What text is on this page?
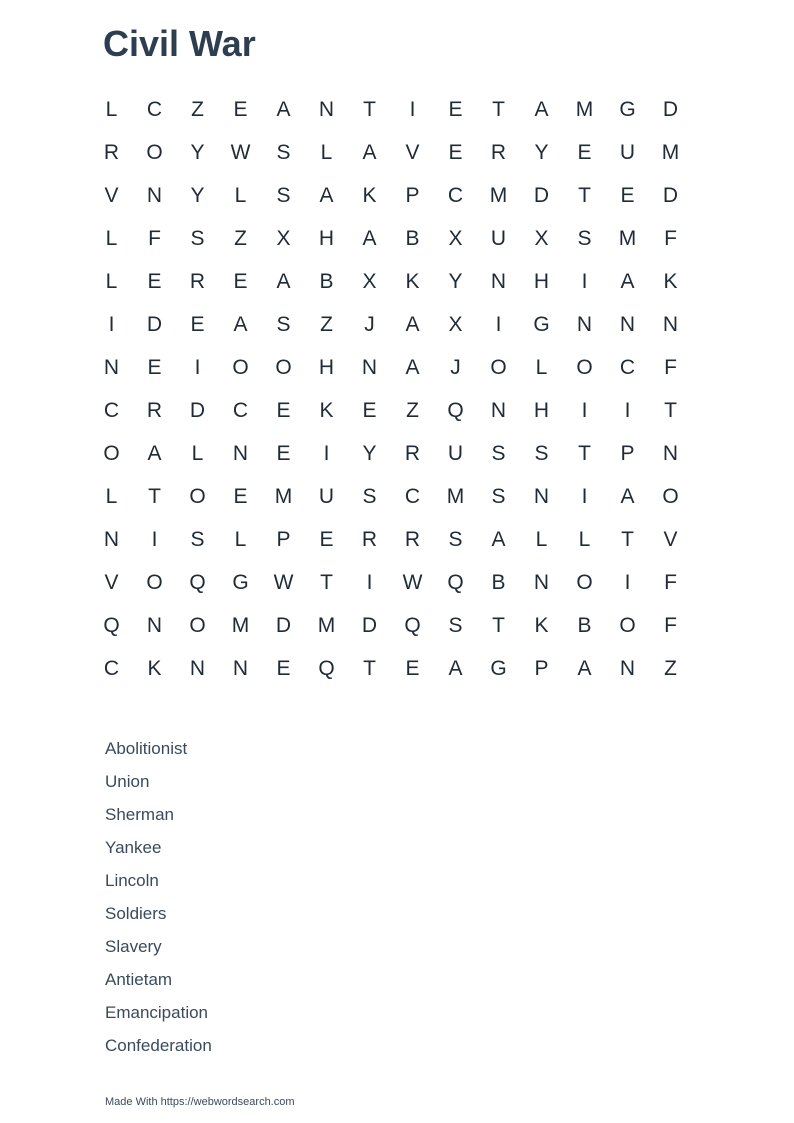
Civil War
L	C	Z	E	A	N	T	I	E	T	A	M	G	D
R	O	Y	W	S	L	A	V	E	R	Y	E	U	M
V	N	Y	L	S	A	K	P	C	M	D	T	E	D
L	F	S	Z	X	H	A	B	X	U	X	S	M	F
L	E	R	E	A	B	X	K	Y	N	H	I	A	K
I	D	E	A	S	Z	J	A	X	I	G	N	N	N
N	E	I	O	O	H	N	A	J	O	L	O	C	F
C	R	D	C	E	K	E	Z	Q	N	H	I	I	T
O	A	L	N	E	I	Y	R	U	S	S	T	P	N
L	T	O	E	M	U	S	C	M	S	N	I	A	O
N	I	S	L	P	E	R	R	S	A	L	L	T	V
V	O	Q	G	W	T	I	W	Q	B	N	O	I	F
Q	N	O	M	D	M	D	Q	S	T	K	B	O	F
C	K	N	N	E	Q	T	E	A	G	P	A	N	Z
Abolitionist
Union
Sherman
Yankee
Lincoln
Soldiers
Slavery
Antietam
Emancipation
Confederation
Made With https://webwordsearch.com
